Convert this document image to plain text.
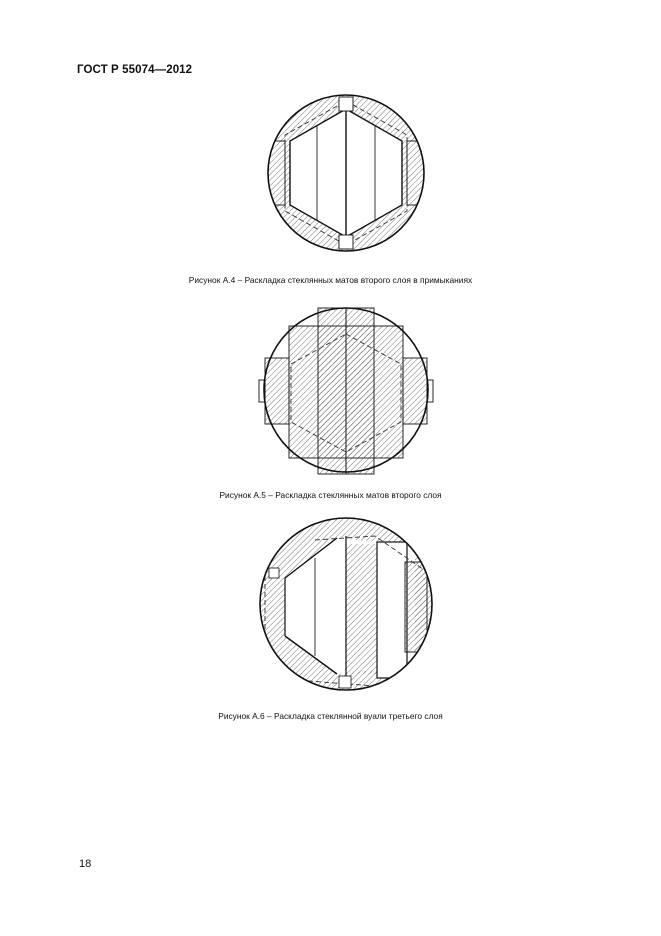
ГОСТ Р 55074—2012
Рисунок А.4 – Раскладка стеклянных матов второго слоя в примыканиях
Рисунок А.5 – Раскладка стеклянных матов второго слоя
Рисунок А.6 – Раскладка стеклянной вуали третьего слоя
18
